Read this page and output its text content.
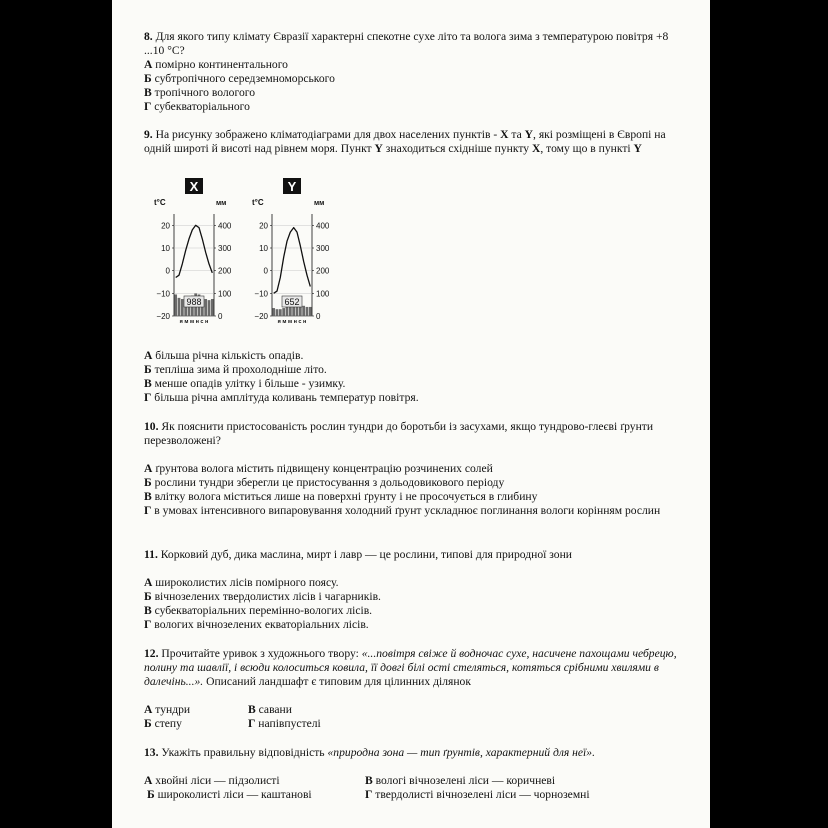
8. Для якого типу клімату Євразії характерні спекотне сухе літо та волога зима з температурою повітря +8 ...10 °С?
А помірно континентального
Б субтропічного середземноморського
В тропічного вологого
Г субекваторіального
9. На рисунку зображено кліматодіаграми для двох населених пунктів - X та Y, які розміщені в Європі на одній широті й висоті над рівнем моря. Пункт Y знаходиться східніше пункту X, тому що в пункті Y
X
t°C	мм
988
20
10
0
−10
−20
400
300
200
100
0
я м м н с н
Y
t°C	мм
652
20
10
0
−10
−20
400
300
200
100
0
я м м н с н
А більша річна кількість опадів.
Б тепліша зима й прохолодніше літо.
В менше опадів улітку і більше - узимку.
Г більша річна амплітуда коливань температур повітря.
10. Як пояснити пристосованість рослин тундри до боротьби із засухами, якщо тундрово-глеєві ґрунти перезволожені?
А ґрунтова волога містить підвищену концентрацію розчинених солей
Б рослини тундри зберегли це пристосування з дольодовикового періоду
В влітку волога міститься лише на поверхні ґрунту і не просочується в глибину
Г в умовах інтенсивного випаровування холодний ґрунт ускладнює поглинання вологи корінням рослин
11. Корковий дуб, дика маслина, мирт і лавр — це рослини, типові для природної зони
А широколистих лісів помірного поясу.
Б вічнозелених твердолистих лісів і чагарників.
В субекваторіальних перемінно-вологих лісів.
Г вологих вічнозелених екваторіальних лісів.
12. Прочитайте уривок з художнього твору: «...повітря свіже й водночас сухе, насичене пахощами чебрецю, полину та шавлії, і всюди колоситься ковила, її довгі білі ості стеляться, котяться срібними хвилями в далечінь...». Описаний ландшафт є типовим для цілинних ділянок
А тундри
Б степу
В савани
Г напівпустелі
13. Укажіть правильну відповідність «природна зона — тип ґрунтів, характерний для неї».
А хвойні ліси — підзолисті
Б широколисті ліси — каштанові
В вологі вічнозелені ліси — коричневі
Г твердолисті вічнозелені ліси — чорноземні
